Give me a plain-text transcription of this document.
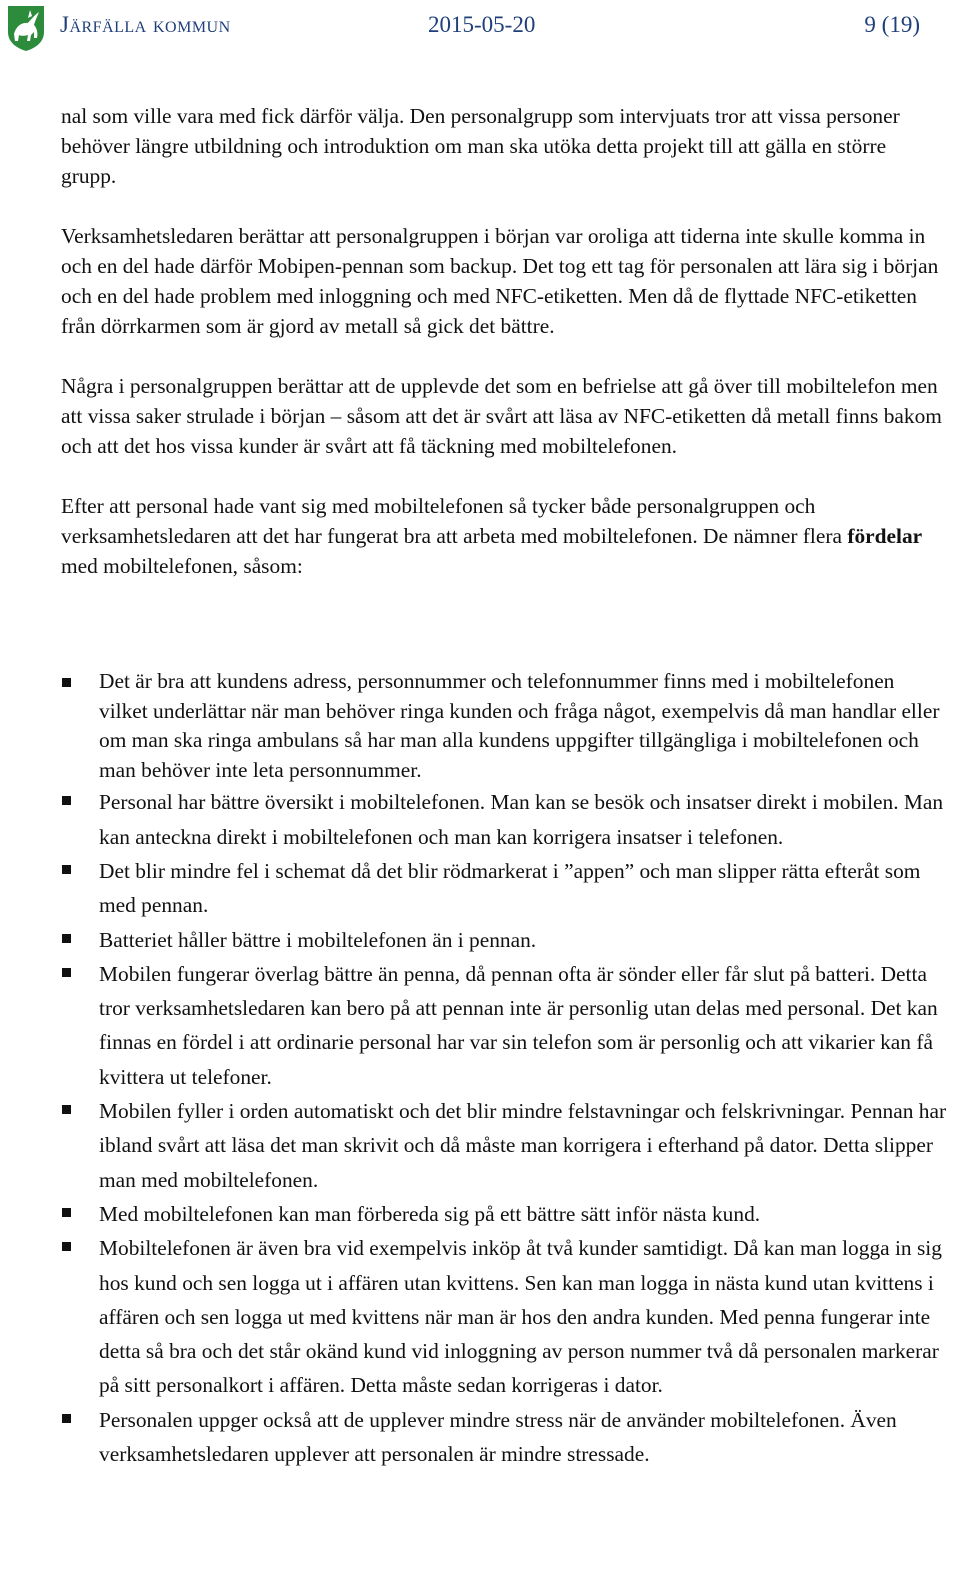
Järfälla kommun	2015-05-20	9 (19)

nal som ville vara med fick därför välja. Den personalgrupp som intervjuats tror att vissa personer behöver längre utbildning och introduktion om man ska utöka detta projekt till att gälla en större grupp.

Verksamhetsledaren berättar att personalgruppen i början var oroliga att tiderna inte skulle komma in och en del hade därför Mobipen-pennan som backup. Det tog ett tag för personalen att lära sig i början och en del hade problem med inloggning och med NFC-etiketten. Men då de flyttade NFC-etiketten från dörrkarmen som är gjord av metall så gick det bättre.

Några i personalgruppen berättar att de upplevde det som en befrielse att gå över till mobiltelefon men att vissa saker strulade i början – såsom att det är svårt att läsa av NFC-etiketten då metall finns bakom och att det hos vissa kunder är svårt att få täckning med mobiltelefonen.

Efter att personal hade vant sig med mobiltelefonen så tycker både personalgruppen och verksamhetsledaren att det har fungerat bra att arbeta med mobiltelefonen. De nämner flera fördelar med mobiltelefonen, såsom:

Det är bra att kundens adress, personnummer och telefonnummer finns med i mobiltelefonen vilket underlättar när man behöver ringa kunden och fråga något, exempelvis då man handlar eller om man ska ringa ambulans så har man alla kundens uppgifter tillgängliga i mobiltelefonen och man behöver inte leta personnummer.
Personal har bättre översikt i mobiltelefonen. Man kan se besök och insatser direkt i mobilen. Man kan anteckna direkt i mobiltelefonen och man kan korrigera insatser i telefonen.
Det blir mindre fel i schemat då det blir rödmarkerat i ”appen” och man slipper rätta efteråt som med pennan.
Batteriet håller bättre i mobiltelefonen än i pennan.
Mobilen fungerar överlag bättre än penna, då pennan ofta är sönder eller får slut på batteri. Detta tror verksamhetsledaren kan bero på att pennan inte är personlig utan delas med personal. Det kan finnas en fördel i att ordinarie personal har var sin telefon som är personlig och att vikarier kan få kvittera ut telefoner.
Mobilen fyller i orden automatiskt och det blir mindre felstavningar och felskrivningar. Pennan har ibland svårt att läsa det man skrivit och då måste man korrigera i efterhand på dator. Detta slipper man med mobiltelefonen.
Med mobiltelefonen kan man förbereda sig på ett bättre sätt inför nästa kund.
Mobiltelefonen är även bra vid exempelvis inköp åt två kunder samtidigt. Då kan man logga in sig hos kund och sen logga ut i affären utan kvittens. Sen kan man logga in nästa kund utan kvittens i affären och sen logga ut med kvittens när man är hos den andra kunden. Med penna fungerar inte detta så bra och det står okänd kund vid inloggning av person nummer två då personalen markerar på sitt personalkort i affären. Detta måste sedan korrigeras i dator.
Personalen uppger också att de upplever mindre stress när de använder mobiltelefonen. Även verksamhetsledaren upplever att personalen är mindre stressade.
